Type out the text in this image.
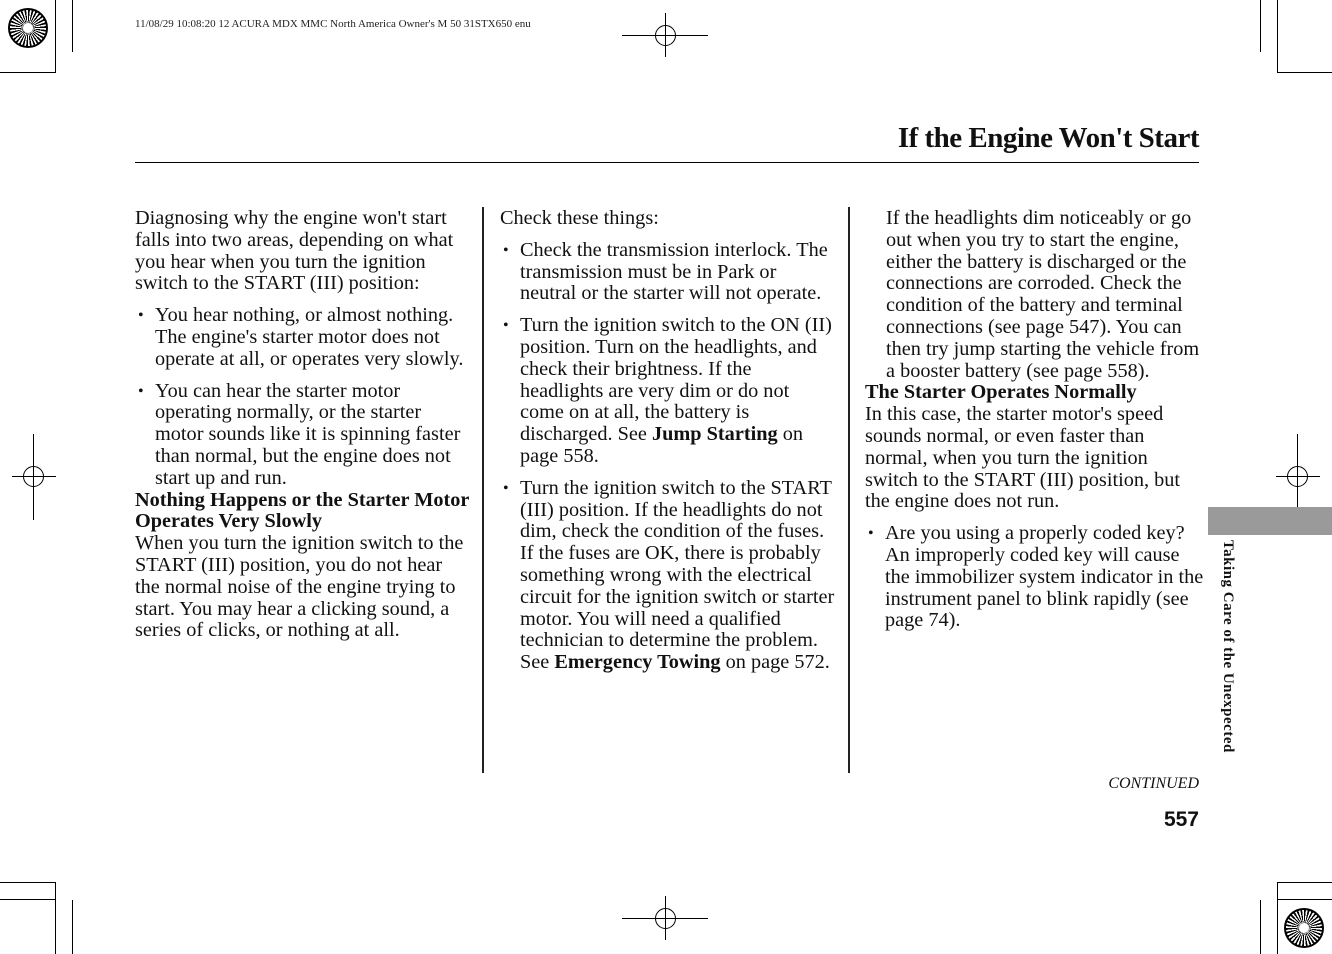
11/08/29 10:08:20 12 ACURA MDX MMC North America Owner's M 50 31STX650 enu
If the Engine Won't Start

Diagnosing why the engine won't start falls into two areas, depending on what you hear when you turn the ignition switch to the START (III) position:

• You hear nothing, or almost nothing. The engine's starter motor does not operate at all, or operates very slowly.
• You can hear the starter motor operating normally, or the starter motor sounds like it is spinning faster than normal, but the engine does not start up and run.

Nothing Happens or the Starter Motor Operates Very Slowly

When you turn the ignition switch to the START (III) position, you do not hear the normal noise of the engine trying to start. You may hear a clicking sound, a series of clicks, or nothing at all.

Check these things:

• Check the transmission interlock. The transmission must be in Park or neutral or the starter will not operate.
• Turn the ignition switch to the ON (II) position. Turn on the headlights, and check their brightness. If the headlights are very dim or do not come on at all, the battery is discharged. See Jump Starting on page 558.
• Turn the ignition switch to the START (III) position. If the headlights do not dim, check the condition of the fuses. If the fuses are OK, there is probably something wrong with the electrical circuit for the ignition switch or starter motor. You will need a qualified technician to determine the problem. See Emergency Towing on page 572.

If the headlights dim noticeably or go out when you try to start the engine, either the battery is discharged or the connections are corroded. Check the condition of the battery and terminal connections (see page 547). You can then try jump starting the vehicle from a booster battery (see page 558).

The Starter Operates Normally

In this case, the starter motor's speed sounds normal, or even faster than normal, when you turn the ignition switch to the START (III) position, but the engine does not run.

• Are you using a properly coded key? An improperly coded key will cause the immobilizer system indicator in the instrument panel to blink rapidly (see page 74).	Taking Care of the Unexpected
CONTINUED
557
